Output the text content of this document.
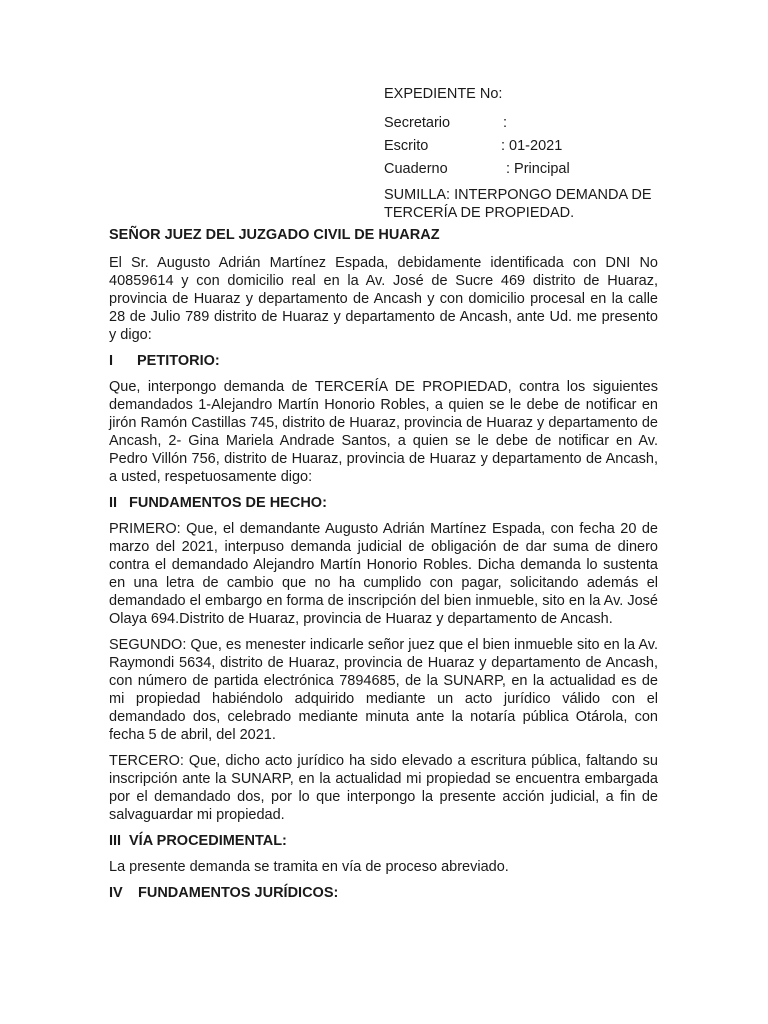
EXPEDIENTE No:
Secretario	:
Escrito	: 01-2021
Cuaderno	: Principal
SUMILLA: INTERPONGO DEMANDA DE TERCERÍA DE PROPIEDAD.
SEÑOR JUEZ DEL JUZGADO CIVIL DE HUARAZ

El Sr. Augusto Adrián Martínez Espada, debidamente identificada con DNI No 40859614 y con domicilio real en la Av. José de Sucre 469 distrito de Huaraz, provincia de Huaraz y departamento de Ancash y con domicilio procesal en la calle 28 de Julio 789 distrito de Huaraz y departamento de Ancash, ante Ud. me presento y digo:

I PETITORIO:

Que, interpongo demanda de TERCERÍA DE PROPIEDAD, contra los siguientes demandados 1-Alejandro Martín Honorio Robles, a quien se le debe de notificar en jirón Ramón Castillas 745, distrito de Huaraz, provincia de Huaraz y departamento de Ancash, 2- Gina Mariela Andrade Santos, a quien se le debe de notificar en Av. Pedro Villón 756, distrito de Huaraz, provincia de Huaraz y departamento de Ancash, a usted, respetuosamente digo:

II FUNDAMENTOS DE HECHO:

PRIMERO: Que, el demandante Augusto Adrián Martínez Espada, con fecha 20 de marzo del 2021, interpuso demanda judicial de obligación de dar suma de dinero contra el demandado Alejandro Martín Honorio Robles. Dicha demanda lo sustenta en una letra de cambio que no ha cumplido con pagar, solicitando además el demandado el embargo en forma de inscripción del bien inmueble, sito en la Av. José Olaya 694.Distrito de Huaraz, provincia de Huaraz y departamento de Ancash.

SEGUNDO: Que, es menester indicarle señor juez que el bien inmueble sito en la Av. Raymondi 5634, distrito de Huaraz, provincia de Huaraz y departamento de Ancash, con número de partida electrónica 7894685, de la SUNARP, en la actualidad es de mi propiedad habiéndolo adquirido mediante un acto jurídico válido con el demandado dos, celebrado mediante minuta ante la notaría pública Otárola, con fecha 5 de abril, del 2021.

TERCERO: Que, dicho acto jurídico ha sido elevado a escritura pública, faltando su inscripción ante la SUNARP, en la actualidad mi propiedad se encuentra embargada por el demandado dos, por lo que interpongo la presente acción judicial, a fin de salvaguardar mi propiedad.

III VÍA PROCEDIMENTAL:

La presente demanda se tramita en vía de proceso abreviado.

IV FUNDAMENTOS JURÍDICOS:
